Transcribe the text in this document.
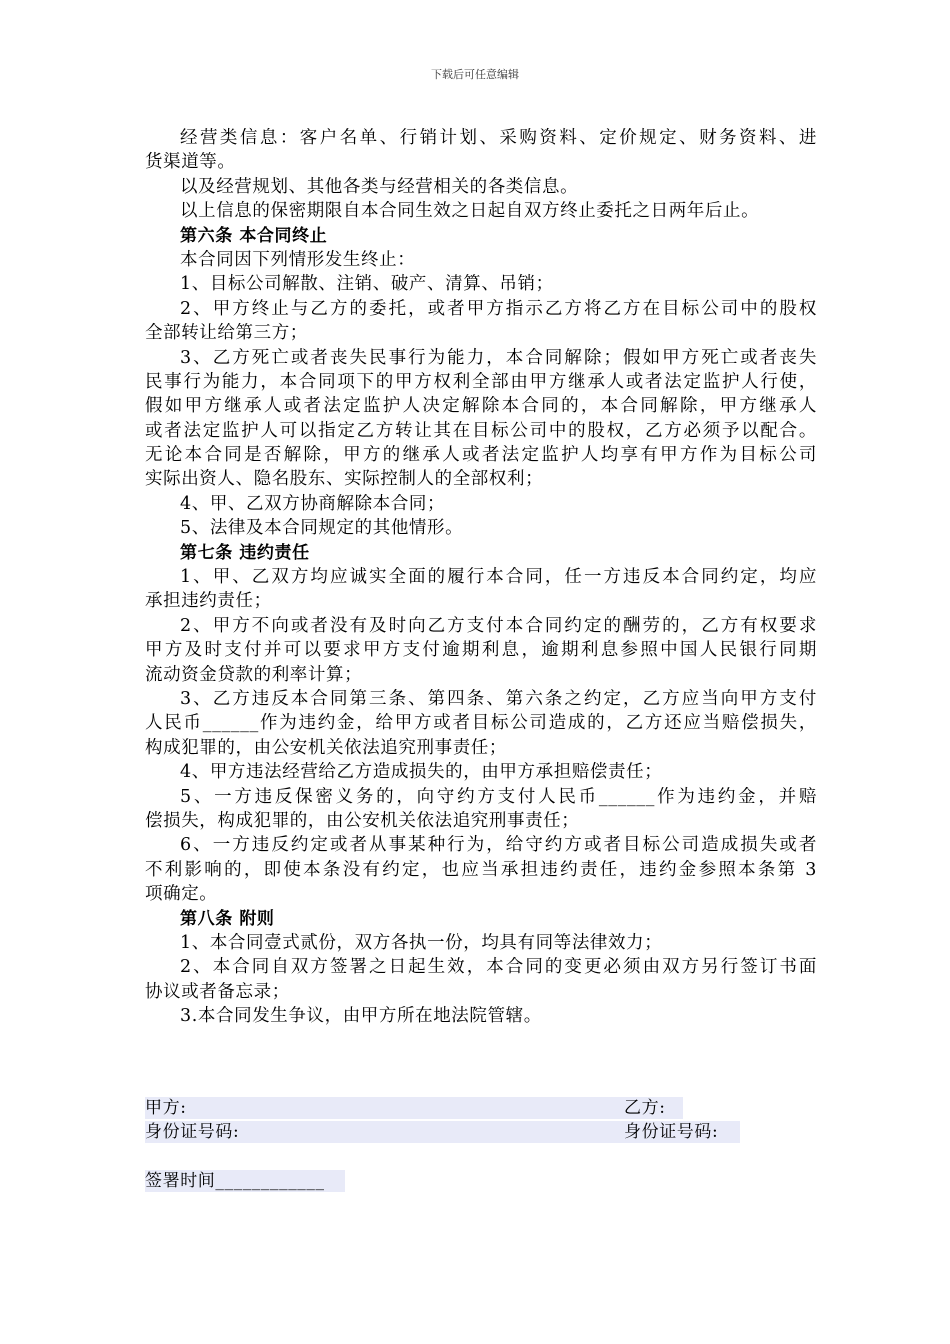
下载后可任意编辑
经营类信息：客户名单、行销计划、采购资料、定价规定、财务资料、进
货渠道等。
以及经营规划、其他各类与经营相关的各类信息。
以上信息的保密期限自本合同生效之日起自双方终止委托之日两年后止。
第六条 本合同终止
本合同因下列情形发生终止：
1、目标公司解散、注销、破产、清算、吊销；
2、甲方终止与乙方的委托，或者甲方指示乙方将乙方在目标公司中的股权
全部转让给第三方；
3、乙方死亡或者丧失民事行为能力，本合同解除；假如甲方死亡或者丧失
民事行为能力，本合同项下的甲方权利全部由甲方继承人或者法定监护人行使，
假如甲方继承人或者法定监护人决定解除本合同的，本合同解除，甲方继承人
或者法定监护人可以指定乙方转让其在目标公司中的股权，乙方必须予以配合。
无论本合同是否解除，甲方的继承人或者法定监护人均享有甲方作为目标公司
实际出资人、隐名股东、实际控制人的全部权利；
4、甲、乙双方协商解除本合同；
5、法律及本合同规定的其他情形。
第七条 违约责任
1、甲、乙双方均应诚实全面的履行本合同，任一方违反本合同约定，均应
承担违约责任；
2、甲方不向或者没有及时向乙方支付本合同约定的酬劳的，乙方有权要求
甲方及时支付并可以要求甲方支付逾期利息，逾期利息参照中国人民银行同期
流动资金贷款的利率计算；
3、乙方违反本合同第三条、第四条、第六条之约定，乙方应当向甲方支付
人民币______作为违约金，给甲方或者目标公司造成的，乙方还应当赔偿损失，
构成犯罪的，由公安机关依法追究刑事责任；
4、甲方违法经营给乙方造成损失的，由甲方承担赔偿责任；
5、一方违反保密义务的，向守约方支付人民币______作为违约金，并赔
偿损失，构成犯罪的，由公安机关依法追究刑事责任；
6、一方违反约定或者从事某种行为，给守约方或者目标公司造成损失或者
不利影响的，即使本条没有约定，也应当承担违约责任，违约金参照本条第 3
项确定。
第八条 附则
1、本合同壹式贰份，双方各执一份，均具有同等法律效力；
2、本合同自双方签署之日起生效，本合同的变更必须由双方另行签订书面
协议或者备忘录；
3.本合同发生争议，由甲方所在地法院管辖。
甲方:	乙方:
身份证号码:	身份证号码:
签署时间____________
